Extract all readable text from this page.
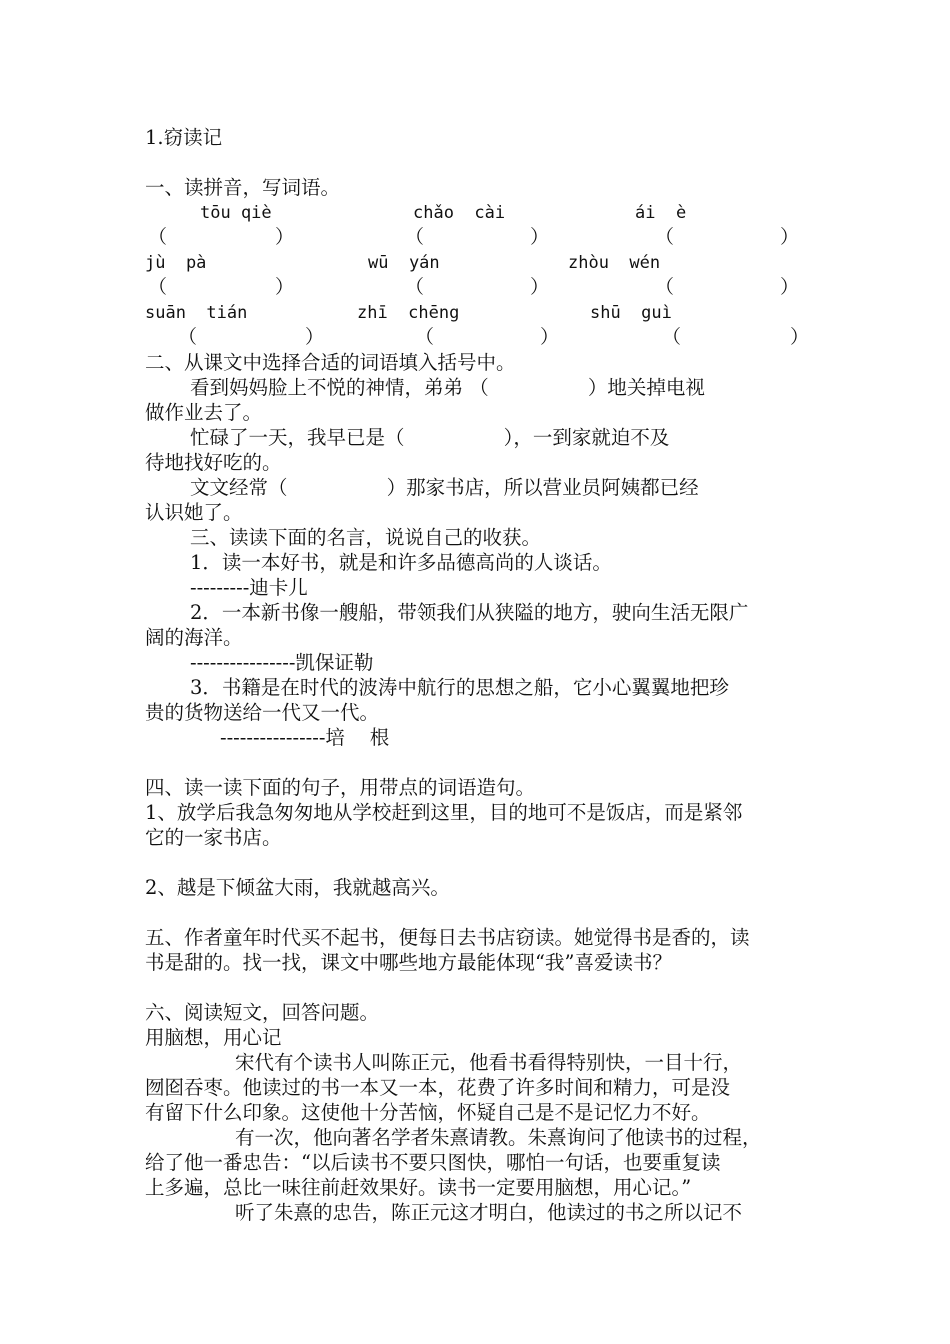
1.窃读记
一、读拼音，写词语。
tōu qiè	chǎo  cài	ái  è
（	）	（	）	（	）
jù  pà	wū  yán	zhòu  wén
（	）	（	）	（	）
suān  tián	zhī  chēng	shū  guì
（	）	（	）	（	）
二、从课文中选择合适的词语填入括号中。
看到妈妈脸上不悦的神情，弟弟 （                ）地关掉电视
做作业去了。
忙碌了一天，我早已是（                ），一到家就迫不及
待地找好吃的。
文文经常（                ）那家书店，所以营业员阿姨都已经
认识她了。
三、读读下面的名言，说说自己的收获。
1．读一本好书，就是和许多品德高尚的人谈话。
---------迪卡儿
2．一本新书像一艘船，带领我们从狭隘的地方，驶向生活无限广
阔的海洋。
----------------凯保证勒
3．书籍是在时代的波涛中航行的思想之船，它小心翼翼地把珍
贵的货物送给一代又一代。
----------------培    根
四、读一读下面的句子，用带点的词语造句。
1、放学后我急匆匆地从学校赶到这里，目的地可不是饭店，而是紧邻
它的一家书店。
2、越是下倾盆大雨，我就越高兴。
五、作者童年时代买不起书，便每日去书店窃读。她觉得书是香的，读
书是甜的。找一找，课文中哪些地方最能体现“我”喜爱读书？
六、阅读短文，回答问题。
用脑想，用心记
宋代有个读书人叫陈正元，他看书看得特别快，一目十行，
囫囵吞枣。他读过的书一本又一本，花费了许多时间和精力，可是没
有留下什么印象。这使他十分苦恼，怀疑自己是不是记忆力不好。
有一次，他向著名学者朱熹请教。朱熹询问了他读书的过程，
给了他一番忠告：“以后读书不要只图快，哪怕一句话，也要重复读
上多遍，总比一味往前赶效果好。读书一定要用脑想，用心记。”
听了朱熹的忠告，陈正元这才明白，他读过的书之所以记不
